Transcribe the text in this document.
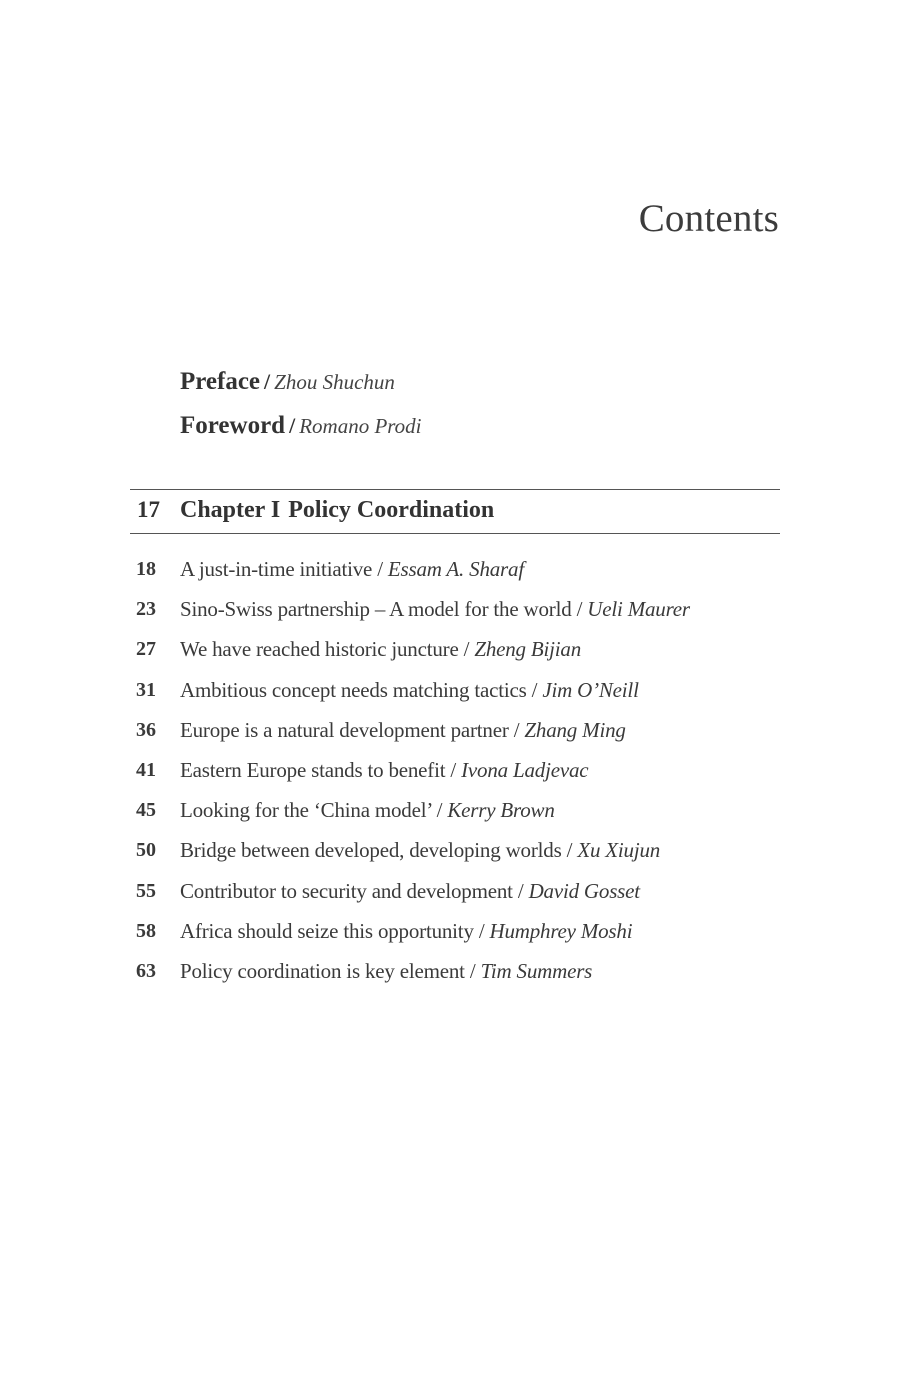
Contents
Preface / Zhou Shuchun
Foreword / Romano Prodi
17 Chapter I Policy Coordination
18	A just-in-time initiative / Essam A. Sharaf
23	Sino-Swiss partnership – A model for the world / Ueli Maurer
27	We have reached historic juncture / Zheng Bijian
31	Ambitious concept needs matching tactics / Jim O’Neill
36	Europe is a natural development partner / Zhang Ming
41	Eastern Europe stands to benefit / Ivona Ladjevac
45	Looking for the ‘China model’ / Kerry Brown
50	Bridge between developed, developing worlds / Xu Xiujun
55	Contributor to security and development / David Gosset
58	Africa should seize this opportunity / Humphrey Moshi
63	Policy coordination is key element / Tim Summers
